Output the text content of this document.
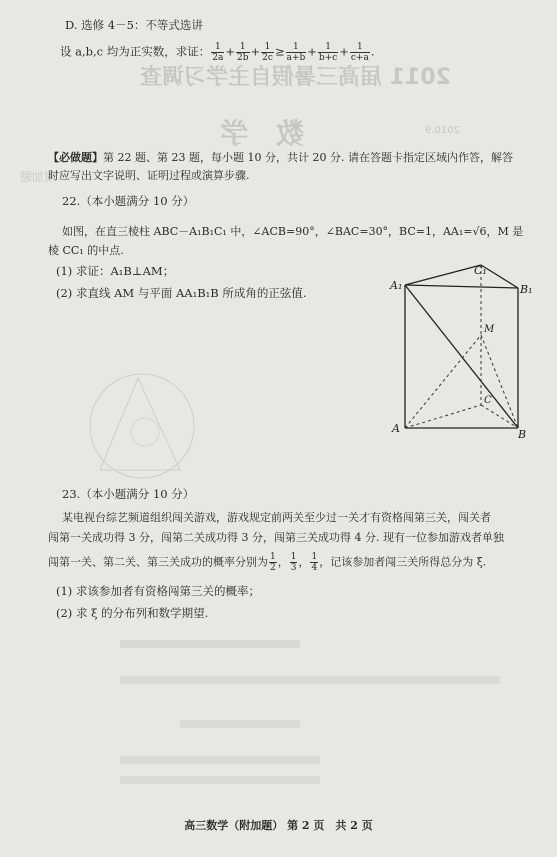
2011 届高三暑假自主学习调查
2010.9
数　学
附加题
D. 选修 4－5：不等式选讲
设 a,b,c 均为正实数，求证： $\frac{1}{2a} + \frac{1}{2b} + \frac{1}{2c} \ge \frac{1}{a+b} + \frac{1}{b+c} + \frac{1}{c+a}$ .
【必做题】第 22 题、第 23 题，每小题 10 分，共计 20 分. 请在答题卡指定区域内作答，解答
时应写出文字说明、证明过程或演算步骤.
22.（本小题满分 10 分）
如图，在直三棱柱 ABC－A₁B₁C₁ 中，∠ACB=90°，∠BAC=30°，BC=1，AA₁=√6，M 是
棱 CC₁ 的中点.
(1) 求证：A₁B⊥AM；
(2) 求直线 AM 与平面 AA₁B₁B 所成角的正弦值.
A₁
C₁
B₁
M
C
A	B
23.（本小题满分 10 分）
某电视台综艺频道组织闯关游戏，游戏规定前两关至少过一关才有资格闯第三关，闯关者
闯第一关成功得 3 分，闯第二关成功得 3 分，闯第三关成功得 4 分. 现有一位参加游戏者单独
闯第一关、第二关、第三关成功的概率分别为 $\frac{1}{2}$ ， $\frac{1}{3}$ ， $\frac{1}{4}$ ，记该参加者闯三关所得总分为 ξ.
(1) 求该参加者有资格闯第三关的概率；
(2) 求 ξ 的分布列和数学期望.
高三数学（附加题） 第 2 页　共 2 页
